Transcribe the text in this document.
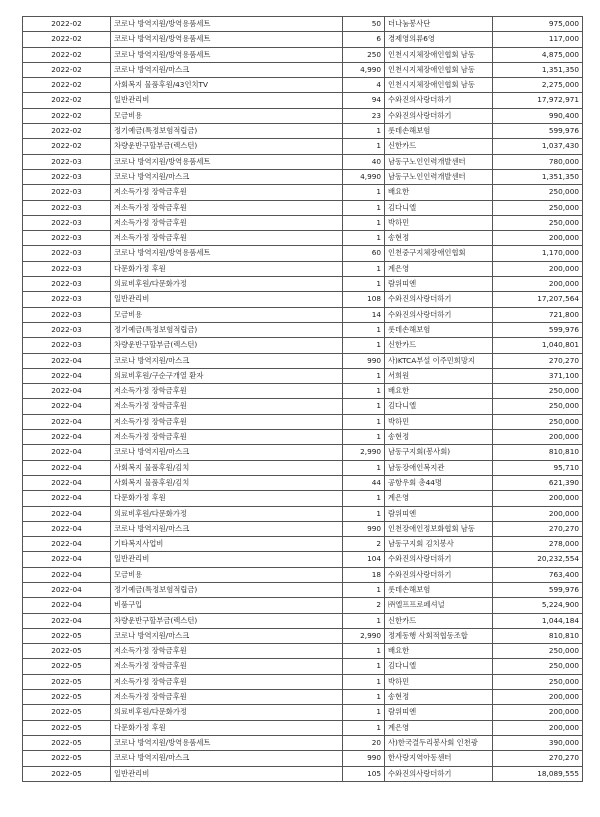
2022-02	코로나 방역지원/방역용품세트	50	더나눔봉사단	975,000
2022-02	코로나 방역지원/방역용품세트	6	경제영의류6영	117,000
2022-02	코로나 방역지원/방역용품세트	250	인천시지체장애인협회 남동	4,875,000
2022-02	코로나 방역지원/마스크	4,990	인천시지체장애인협회 남동	1,351,350
2022-02	사회복지 물품후원/43인치TV	4	인천시지체장애인협회 남동	2,275,000
2022-02	일반관리비	94	수와진의사랑더하기	17,972,971
2022-02	모금비용	23	수와진의사랑더하기	990,400
2022-02	정기예금(특정보험적립금)	1	롯데손해보험	599,976
2022-02	차량운반구할부금(렉스턴)	1	신한카드	1,037,430
2022-03	코로나 방역지원/방역용품세트	40	남동구노인인력개발센터	780,000
2022-03	코로나 방역지원/마스크	4,990	남동구노인인력개발센터	1,351,350
2022-03	저소득가정 장학금후원	1	배요한	250,000
2022-03	저소득가정 장학금후원	1	김다니엘	250,000
2022-03	저소득가정 장학금후원	1	박하민	250,000
2022-03	저소득가정 장학금후원	1	송현정	200,000
2022-03	코로나 방역지원/방역용품세트	60	인천중구지체장애인협회	1,170,000
2022-03	다문화가정 후원	1	계은영	200,000
2022-03	의료비후원/다문화가정	1	람위띠엔	200,000
2022-03	일반관리비	108	수와진의사랑더하기	17,207,564
2022-03	모금비용	14	수와진의사랑더하기	721,800
2022-03	정기예금(특정보험적립금)	1	롯데손해보험	599,976
2022-03	차량운반구할부금(렉스턴)	1	신한카드	1,040,801
2022-04	코로나 방역지원/마스크	990	사)KTCA부설 이주민희망지	270,270
2022-04	의료비후원/구순구개열 환자	1	서희원	371,100
2022-04	저소득가정 장학금후원	1	배요한	250,000
2022-04	저소득가정 장학금후원	1	김다니엘	250,000
2022-04	저소득가정 장학금후원	1	박하민	250,000
2022-04	저소득가정 장학금후원	1	송현정	200,000
2022-04	코로나 방역지원/마스크	2,990	남동구지회(봉사회)	810,810
2022-04	사회복지 물품후원/김치	1	남동장애인복지관	95,710
2022-04	사회복지 물품후원/김치	44	공항우회 총44명	621,390
2022-04	다문화가정 후원	1	계은영	200,000
2022-04	의료비후원/다문화가정	1	람위띠엔	200,000
2022-04	코로나 방역지원/마스크	990	인천장애인정보화협회 남동	270,270
2022-04	기타복지사업비	2	남동구지회 김치봉사	278,000
2022-04	일반관리비	104	수와진의사랑더하기	20,232,554
2022-04	모금비용	18	수와진의사랑더하기	763,400
2022-04	정기예금(특정보험적립금)	1	롯데손해보험	599,976
2022-04	비품구입	2	㈜엘프프로페셔널	5,224,900
2022-04	차량운반구할부금(렉스턴)	1	신한카드	1,044,184
2022-05	코로나 방역지원/마스크	2,990	정계동행 사회적협동조합	810,810
2022-05	저소득가정 장학금후원	1	배요한	250,000
2022-05	저소득가정 장학금후원	1	김다니엘	250,000
2022-05	저소득가정 장학금후원	1	박하민	250,000
2022-05	저소득가정 장학금후원	1	송현정	200,000
2022-05	의료비후원/다문화가정	1	람위띠엔	200,000
2022-05	다문화가정 후원	1	계은영	200,000
2022-05	코로나 방역지원/방역용품세트	20	사)한국결두리봉사회 인천광	390,000
2022-05	코로나 방역지원/마스크	990	한사랑지역아동센터	270,270
2022-05	일반관리비	105	수와진의사랑더하기	18,089,555
